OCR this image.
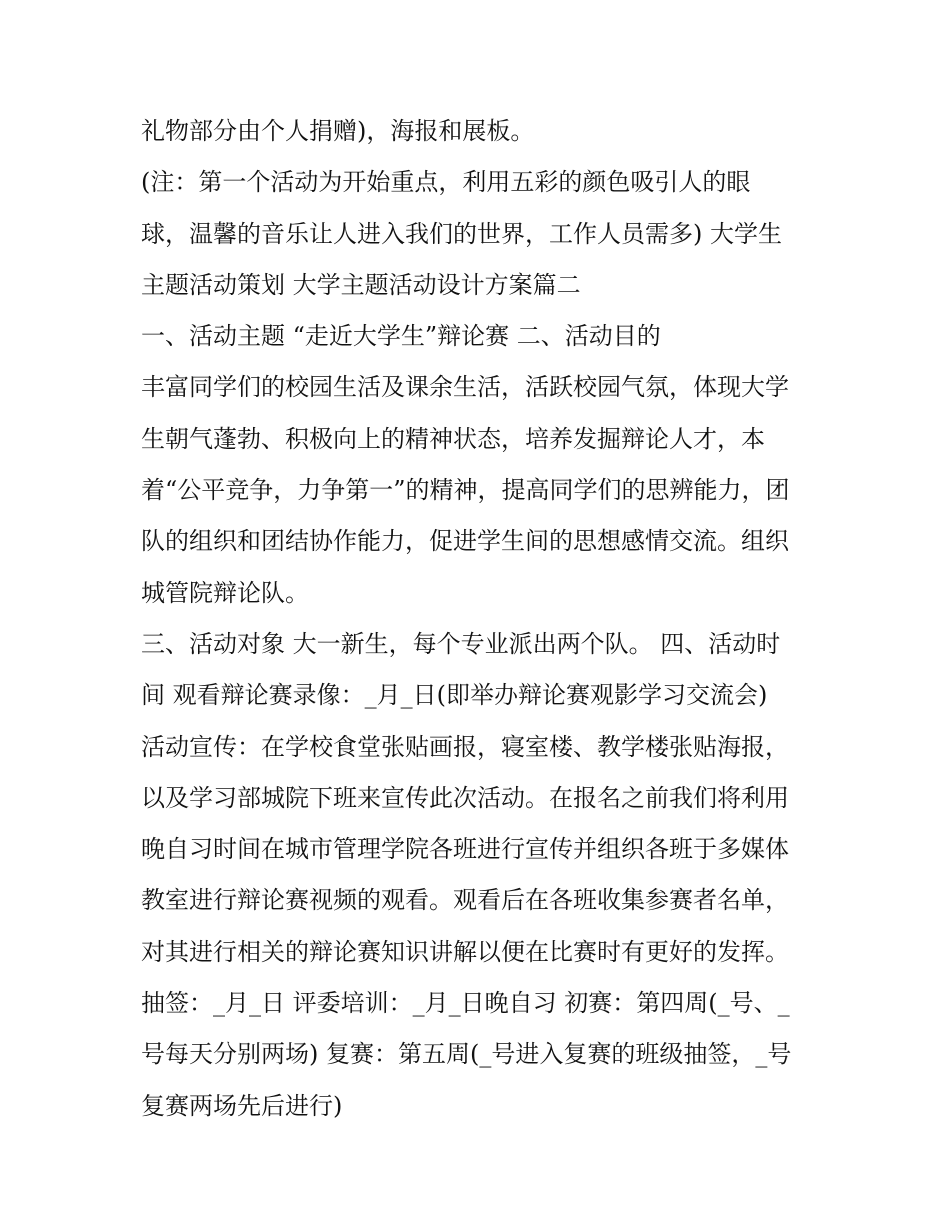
礼物部分由个人捐赠)，海报和展板。

(注：第一个活动为开始重点，利用五彩的颜色吸引人的眼

球，温馨的音乐让人进入我们的世界，工作人员需多) 大学生

主题活动策划 大学主题活动设计方案篇二

一、活动主题 “走近大学生”辩论赛 二、活动目的

丰富同学们的校园生活及课余生活，活跃校园气氛，体现大学

生朝气蓬勃、积极向上的精神状态，培养发掘辩论人才，本

着“公平竞争，力争第一”的精神，提高同学们的思辨能力，团

队的组织和团结协作能力，促进学生间的思想感情交流。组织

城管院辩论队。

三、活动对象 大一新生，每个专业派出两个队。 四、活动时

间 观看辩论赛录像：_月_日(即举办辩论赛观影学习交流会)

活动宣传：在学校食堂张贴画报，寝室楼、教学楼张贴海报，

以及学习部城院下班来宣传此次活动。在报名之前我们将利用

晚自习时间在城市管理学院各班进行宣传并组织各班于多媒体

教室进行辩论赛视频的观看。观看后在各班收集参赛者名单，

对其进行相关的辩论赛知识讲解以便在比赛时有更好的发挥。

抽签：_月_日 评委培训：_月_日晚自习 初赛：第四周(_号、_

号每天分别两场) 复赛：第五周(_号进入复赛的班级抽签，_号

复赛两场先后进行)
